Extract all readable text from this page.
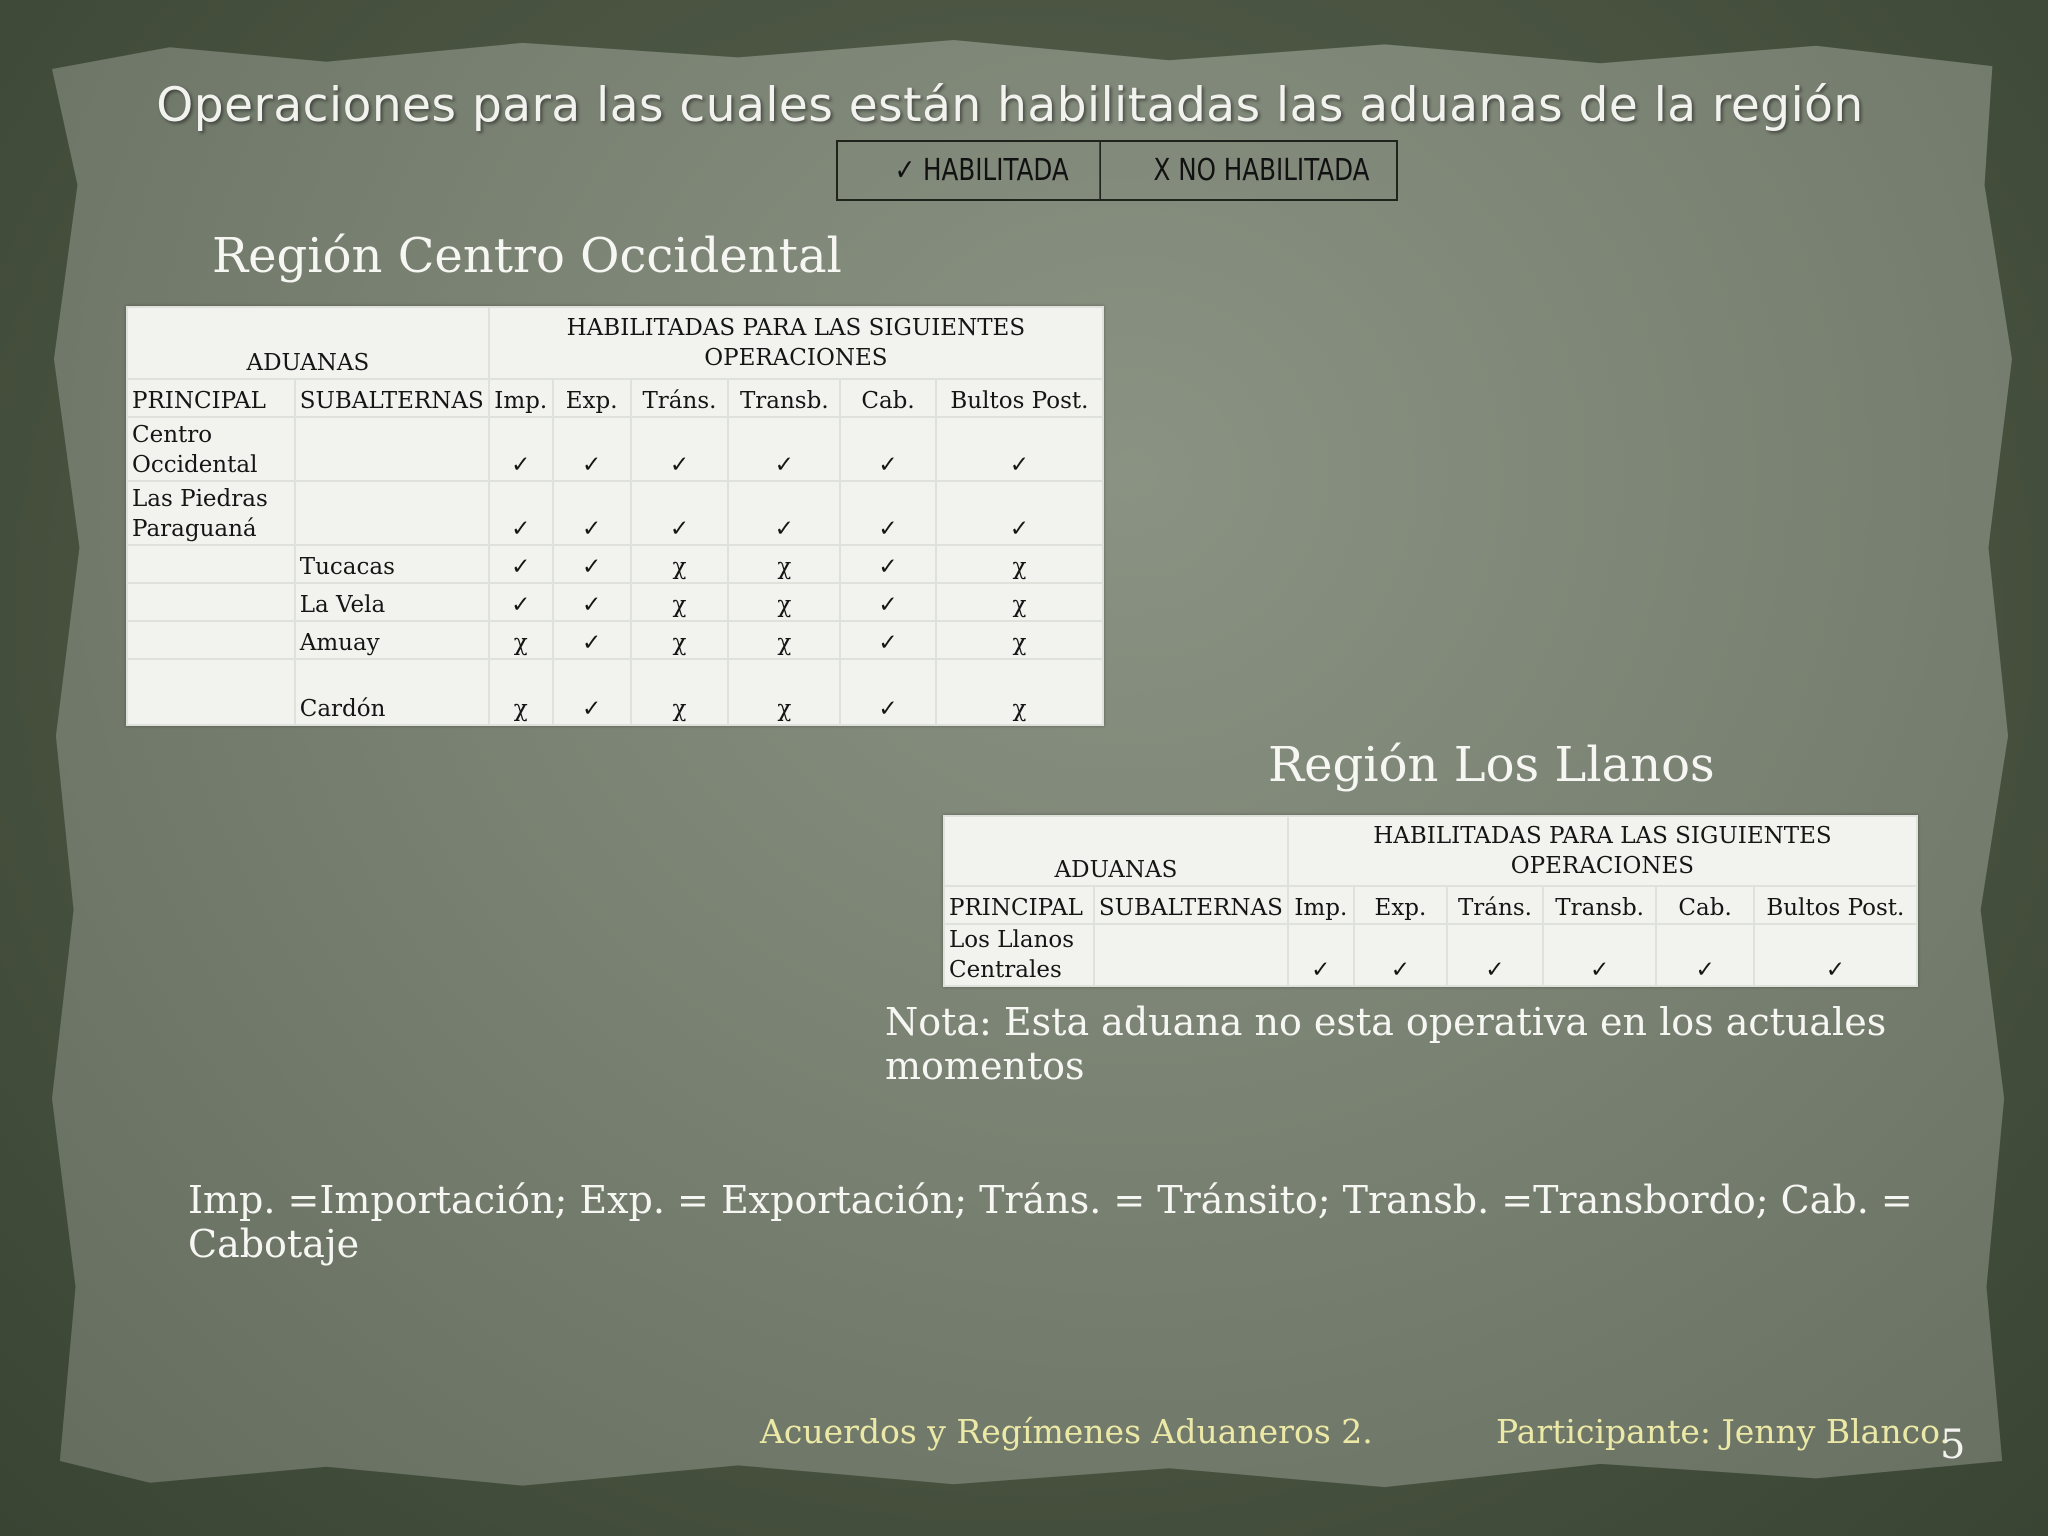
Operaciones para las cuales están habilitadas las aduanas de la región
✓ HABILITADA	X NO HABILITADA
Región Centro Occidental
ADUANAS		HABILITADAS PARA LAS SIGUIENTES OPERACIONES					
PRINCIPAL	SUBALTERNAS	Imp.	Exp.	Tráns.	Transb.	Cab.	Bultos Post.
Centro Occidental		✓	✓	✓	✓	✓	✓
Las Piedras Paraguaná		✓	✓	✓	✓	✓	✓
	Tucacas	✓	✓	χ	χ	✓	χ
	La Vela	✓	✓	χ	χ	✓	χ
	Amuay	χ	✓	χ	χ	✓	χ
	Cardón	χ	✓	χ	χ	✓	χ
Región Los Llanos
ADUANAS		HABILITADAS PARA LAS SIGUIENTES OPERACIONES					
PRINCIPAL	SUBALTERNAS	Imp.	Exp.	Tráns.	Transb.	Cab.	Bultos Post.
Los Llanos Centrales		✓	✓	✓	✓	✓	✓
Nota: Esta aduana no esta operativa en los actuales momentos
Imp. =Importación; Exp. = Exportación; Tráns. = Tránsito; Transb. =Transbordo; Cab. = Cabotaje
Acuerdos y Regímenes Aduaneros 2.	Participante: Jenny Blanco.
5
